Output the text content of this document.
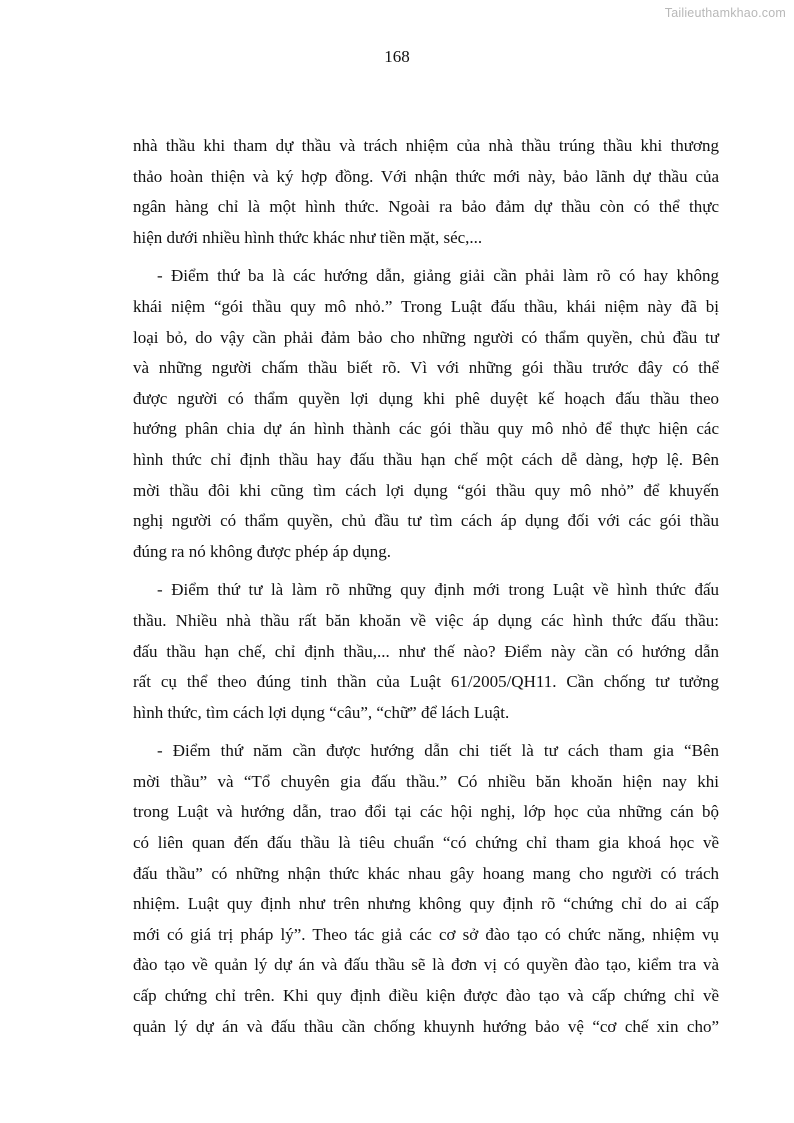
Tailieuthamkhao.com
168
nhà thầu khi tham dự thầu và trách nhiệm của nhà thầu trúng thầu khi thương
thảo hoàn thiện và ký hợp đồng. Với nhận thức mới này, bảo lãnh dự thầu của
ngân hàng chỉ là một hình thức. Ngoài ra bảo đảm dự thầu còn có thể thực
hiện dưới nhiều hình thức khác như tiền mặt, séc,...
- Điểm thứ ba là các hướng dẫn, giảng giải cần phải làm rõ có hay không
khái niệm “gói thầu quy mô nhỏ.” Trong Luật đấu thầu, khái niệm này đã bị
loại bỏ, do vậy cần phải đảm bảo cho những người có thẩm quyền, chủ đầu tư
và những người chấm thầu biết rõ. Vì với những gói thầu trước đây có thể
được người có thẩm quyền lợi dụng khi phê duyệt kế hoạch đấu thầu theo
hướng phân chia dự án hình thành các gói thầu quy mô nhỏ để thực hiện các
hình thức chỉ định thầu hay đấu thầu hạn chế một cách dễ dàng, hợp lệ. Bên
mời thầu đôi khi cũng tìm cách lợi dụng “gói thầu quy mô nhỏ” để khuyến
nghị người có thẩm quyền, chủ đầu tư tìm cách áp dụng đối với các gói thầu
đúng ra nó không được phép áp dụng.
- Điểm thứ tư là làm rõ những quy định mới trong Luật về hình thức đấu
thầu. Nhiều nhà thầu rất băn khoăn về việc áp dụng các hình thức đấu thầu:
đấu thầu hạn chế, chỉ định thầu,... như thế nào? Điểm này cần có hướng dẫn
rất cụ thể theo đúng tinh thần của Luật 61/2005/QH11. Cần chống tư tưởng
hình thức, tìm cách lợi dụng “câu”, “chữ” để lách Luật.
- Điểm thứ năm cần được hướng dẫn chi tiết là tư cách tham gia “Bên
mời thầu” và “Tổ chuyên gia đấu thầu.” Có nhiều băn khoăn hiện nay khi
trong Luật và hướng dẫn, trao đổi tại các hội nghị, lớp học của những cán bộ
có liên quan đến đấu thầu là tiêu chuẩn “có chứng chỉ tham gia khoá học về
đấu thầu” có những nhận thức khác nhau gây hoang mang cho người có trách
nhiệm. Luật quy định như trên nhưng không quy định rõ “chứng chỉ do ai cấp
mới có giá trị pháp lý”. Theo tác giả các cơ sở đào tạo có chức năng, nhiệm vụ
đào tạo về quản lý dự án và đấu thầu sẽ là đơn vị có quyền đào tạo, kiểm tra và
cấp chứng chỉ trên. Khi quy định điều kiện được đào tạo và cấp chứng chỉ về
quản lý dự án và đấu thầu cần chống khuynh hướng bảo vệ “cơ chế xin cho”
